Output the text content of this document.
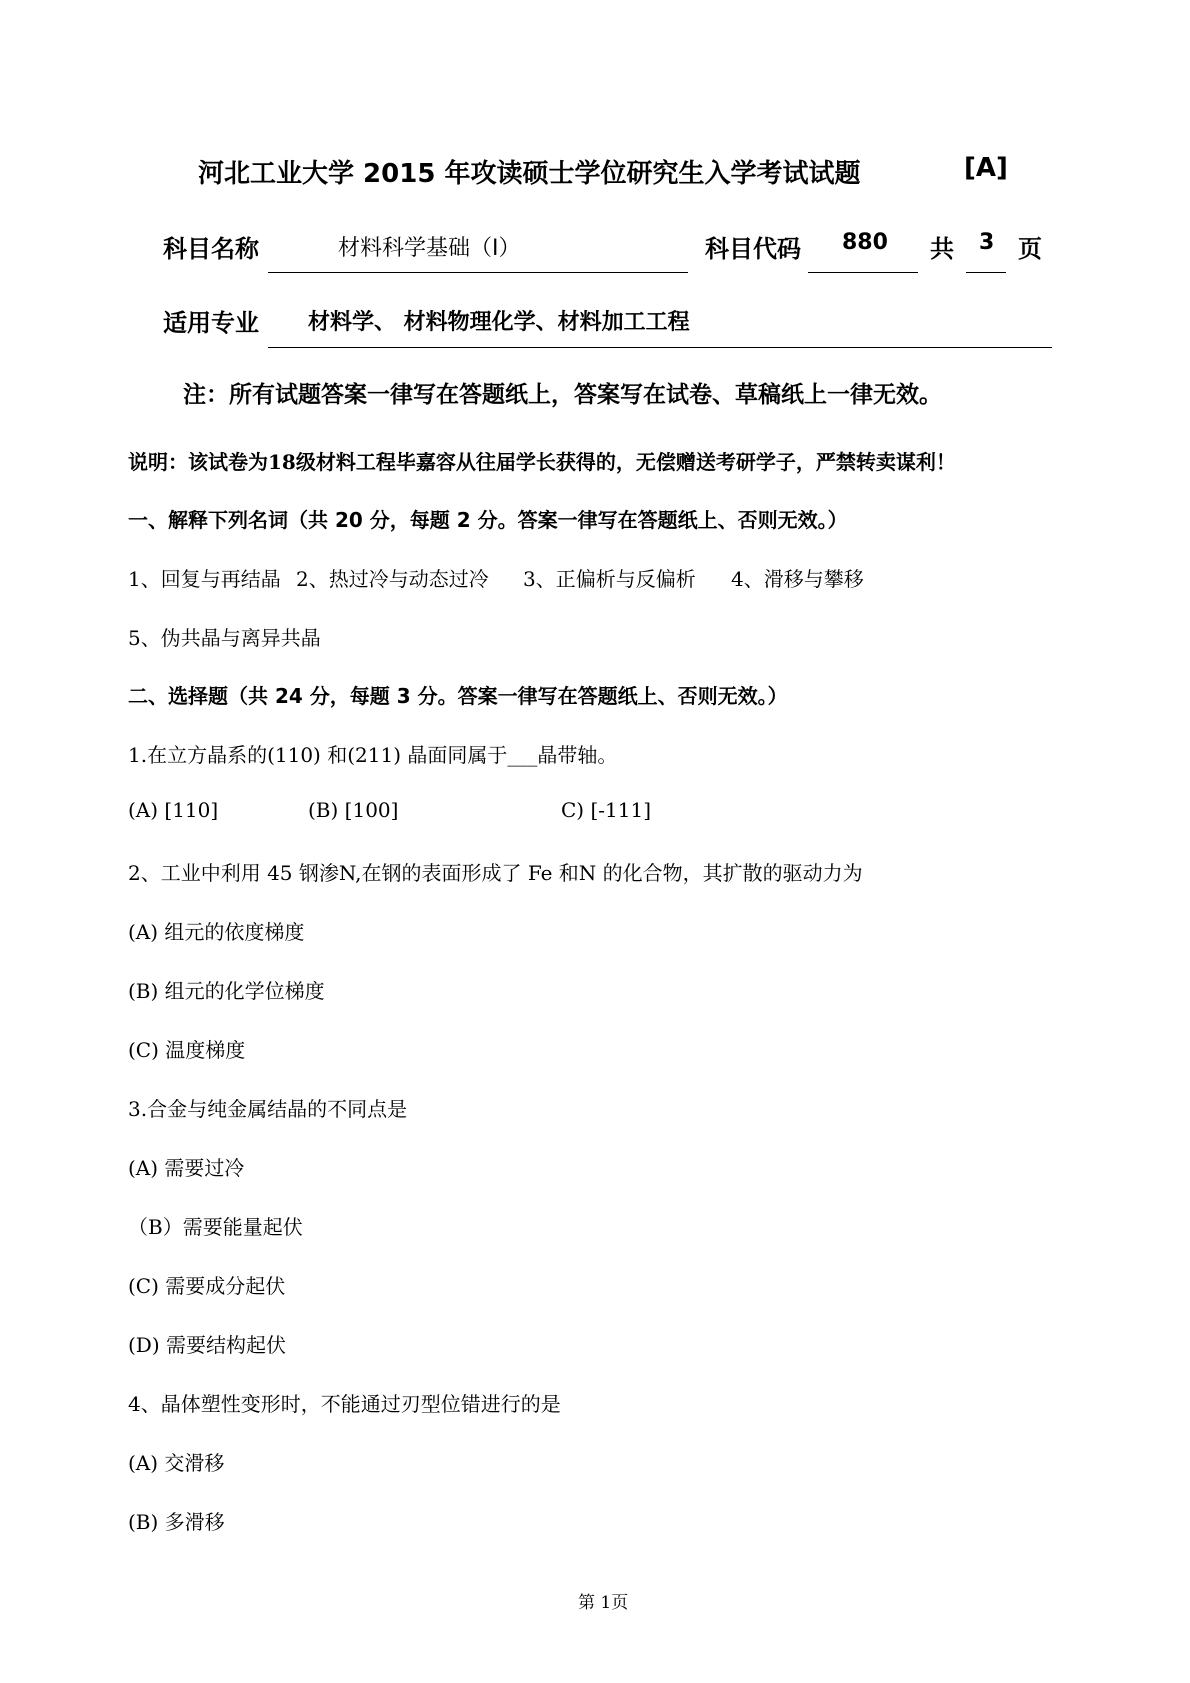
河北工业大学 2015 年攻读硕士学位研究生入学考试试题	[A]
科目名称	材料科学基础（I）	科目代码 880 共 3 页
适用专业 材料学、 材料物理化学、材料加工工程
注：所有试题答案一律写在答题纸上，答案写在试卷、草稿纸上一律无效。
说明：该试卷为18级材料工程毕嘉容从往届学长获得的，无偿赠送考研学子，严禁转卖谋利！
一、解释下列名词（共 20 分，每题 2 分。答案一律写在答题纸上、否则无效。）
1、回复与再结晶 2、热过冷与动态过冷 3、正偏析与反偏析 4、滑移与攀移
5、伪共晶与离异共晶
二、选择题（共 24 分，每题 3 分。答案一律写在答题纸上、否则无效。）
1.在立方晶系的(110) 和(211) 晶面同属于___晶带轴。
(A) [110]	(B) [100]	C) [-111]
2、工业中利用 45 钢渗N,在钢的表面形成了 Fe 和N 的化合物，其扩散的驱动力为
(A) 组元的依度梯度
(B) 组元的化学位梯度
(C) 温度梯度
3.合金与纯金属结晶的不同点是
(A) 需要过冷
（B）需要能量起伏
(C) 需要成分起伏
(D) 需要结构起伏
4、晶体塑性变形时，不能通过刃型位错进行的是
(A) 交滑移
(B) 多滑移
第 1页
